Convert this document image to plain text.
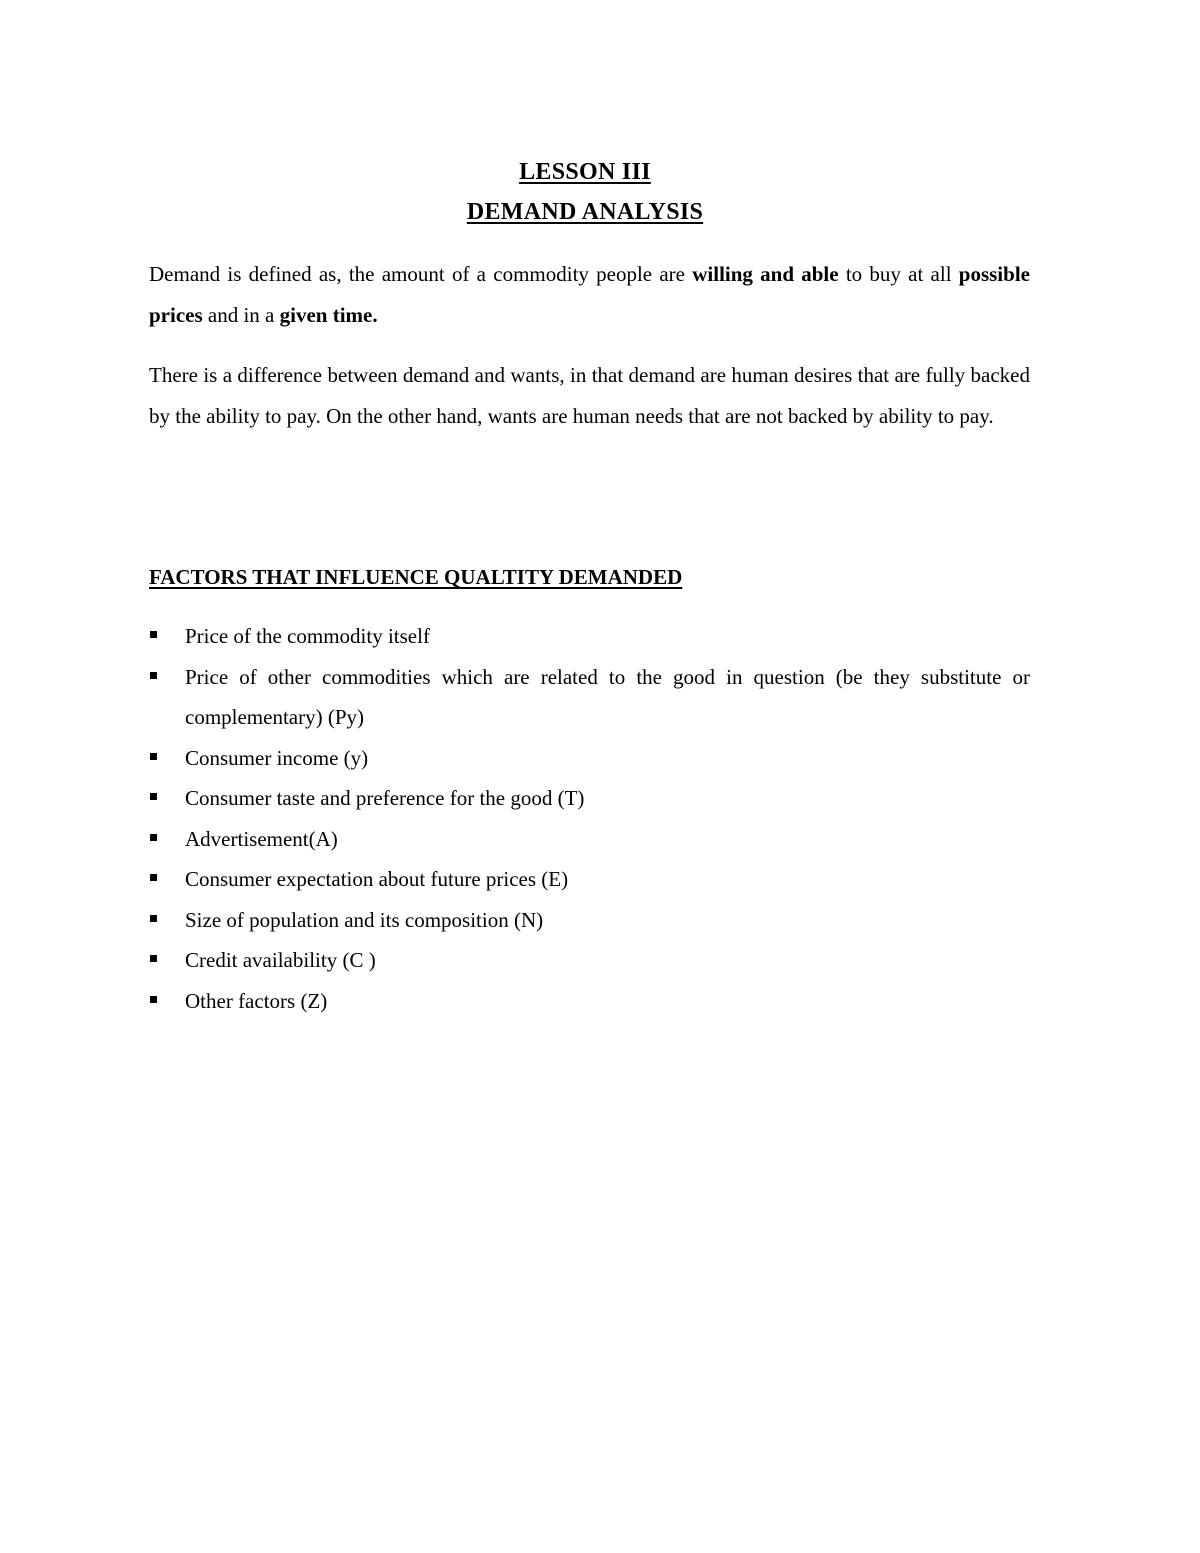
LESSON III
DEMAND ANALYSIS

Demand is defined as, the amount of a commodity people are willing and able to buy at all possible prices and in a given time.

There is a difference between demand and wants, in that demand are human desires that are fully backed by the ability to pay. On the other hand, wants are human needs that are not backed by ability to pay.

FACTORS THAT INFLUENCE QUALTITY DEMANDED
Price of the commodity itself
Price of other commodities which are related to the good in question (be they substitute or complementary) (Py)
Consumer income (y)
Consumer taste and preference for the good (T)
Advertisement(A)
Consumer expectation about future prices (E)
Size of population and its composition (N)
Credit availability (C )
Other factors (Z)
